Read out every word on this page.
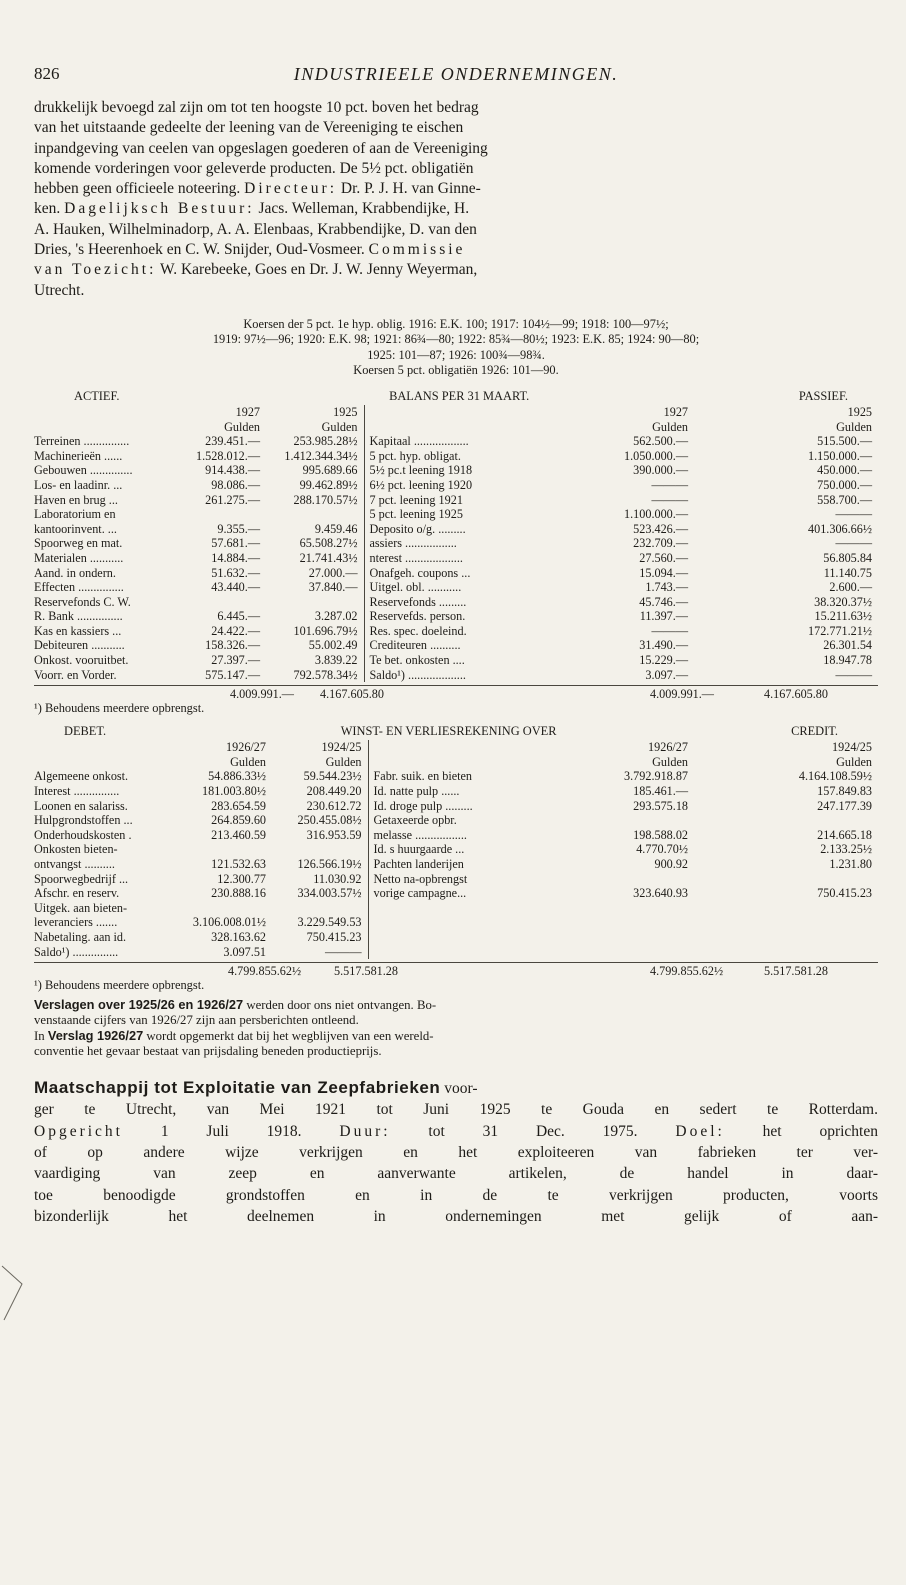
826	INDUSTRIEELE ONDERNEMINGEN.
drukkelijk bevoegd zal zijn om tot ten hoogste 10 pct. boven het bedrag
van het uitstaande gedeelte der leening van de Vereeniging te eischen
inpandgeving van ceelen van opgeslagen goederen of aan de Vereeniging
komende vorderingen voor geleverde producten. De 5½ pct. obligatiën
hebben geen officieele noteering. Directeur: Dr. P. J. H. van Ginne-
ken. Dagelijksch Bestuur: Jacs. Welleman, Krabbendijke, H.
A. Hauken, Wilhelminadorp, A. A. Elenbaas, Krabbendijke, D. van den
Dries, 's Heerenhoek en C. W. Snijder, Oud-Vosmeer. Commissie
van Toezicht: W. Karebeeke, Goes en Dr. J. W. Jenny Weyerman,
Utrecht.
Koersen der 5 pct. 1e hyp. oblig. 1916: E.K. 100; 1917: 104½—99; 1918: 100—97½;
1919: 97½—96; 1920: E.K. 98; 1921: 86¾—80; 1922: 85¾—80½; 1923: E.K. 85; 1924: 90—80;
1925: 101—87; 1926: 100¾—98¾.
Koersen 5 pct. obligatiën 1926: 101—90.
ACTIEF.	BALANS PER 31 MAART.	PASSIEF.
	1927	1925		1927	1925
	Gulden	Gulden		Gulden	Gulden
Terreinen ...............	239.451.—	253.985.28½	Kapitaal ..................	562.500.—	515.500.—
Machinerieën ......	1.528.012.—	1.412.344.34½	5 pct. hyp. obligat.	1.050.000.—	1.150.000.—
Gebouwen ..............	914.438.—	995.689.66	5½ pc.t leening 1918	390.000.—	450.000.—
Los- en laadinr. ...	98.086.—	99.462.89½	6½ pct. leening 1920	———	750.000.—
Haven en brug ...	261.275.—	288.170.57½	7 pct. leening 1921	———	558.700.—
Laboratorium en			5 pct. leening 1925	1.100.000.—	———
kantoorinvent. ...	9.355.—	9.459.46	Deposito o/g. .........	523.426.—	401.306.66½
Spoorweg en mat.	57.681.—	65.508.27½	assiers .................	232.709.—	———
Materialen ...........	14.884.—	21.741.43½	nterest ...................	27.560.—	56.805.84
Aand. in ondern.	51.632.—	27.000.—	Onafgeh. coupons ...	15.094.—	11.140.75
Effecten ...............	43.440.—	37.840.—	Uitgel. obl. ...........	1.743.—	2.600.—
Reservefonds C. W.			Reservefonds .........	45.746.—	38.320.37½
R. Bank ...............	6.445.—	3.287.02	Reservefds. person.	11.397.—	15.211.63½
Kas en kassiers ...	24.422.—	101.696.79½	Res. spec. doeleind.	———	172.771.21½
Debiteuren ...........	158.326.—	55.002.49	Crediteuren ..........	31.490.—	26.301.54
Onkost. vooruitbet.	27.397.—	3.839.22	Te bet. onkosten ....	15.229.—	18.947.78
Voorr. en Vorder.	575.147.—	792.578.34½	Saldo¹) ...................	3.097.—	———
4.009.991.— 4.167.605.80	4.009.991.—	4.167.605.80
¹) Behoudens meerdere opbrengst.
DEBET.	WINST- EN VERLIESREKENING OVER	CREDIT.
	1926/27	1924/25		1926/27	1924/25
	Gulden	Gulden		Gulden	Gulden
Algemeene onkost.	54.886.33½	59.544.23½	Fabr. suik. en bieten	3.792.918.87	4.164.108.59½
Interest ...............	181.003.80½	208.449.20	Id. natte pulp ......	185.461.—	157.849.83
Loonen en salariss.	283.654.59	230.612.72	Id. droge pulp .........	293.575.18	247.177.39
Hulpgrondstoffen ...	264.859.60	250.455.08½	Getaxeerde opbr.		
Onderhoudskosten .	213.460.59	316.953.59	melasse .................	198.588.02	214.665.18
Onkosten bieten-			Id. s huurgaarde ...	4.770.70½	2.133.25½
ontvangst ..........	121.532.63	126.566.19½	Pachten landerijen	900.92	1.231.80
Spoorwegbedrijf ...	12.300.77	11.030.92	Netto na-opbrengst		
Afschr. en reserv.	230.888.16	334.003.57½	vorige campagne...	323.640.93	750.415.23
Uitgek. aan bieten-					
leveranciers .......	3.106.008.01½	3.229.549.53			
Nabetaling. aan id.	328.163.62	750.415.23			
Saldo¹) ...............	3.097.51	———			
4.799.855.62½	5.517.581.28	4.799.855.62½	5.517.581.28
¹) Behoudens meerdere opbrengst.
Verslagen over 1925/26 en 1926/27 werden door ons niet ontvangen. Bo-
venstaande cijfers van 1926/27 zijn aan persberichten ontleend.
In Verslag 1926/27 wordt opgemerkt dat bij het wegblijven van een wereld-
conventie het gevaar bestaat van prijsdaling beneden productieprijs.
Maatschappij tot Exploitatie van Zeepfabrieken voor-
ger te Utrecht, van Mei 1921 tot Juni 1925 te Gouda en sedert te Rotterdam.
Opgericht 1 Juli 1918. Duur: tot 31 Dec. 1975. Doel: het oprichten
of op andere wijze verkrijgen en het exploiteeren van fabrieken ter ver-
vaardiging van zeep en aanverwante artikelen, de handel in daar-
toe benoodigde grondstoffen en in de te verkrijgen producten, voorts
bizonderlijk het deelnemen in ondernemingen met gelijk of aan-
